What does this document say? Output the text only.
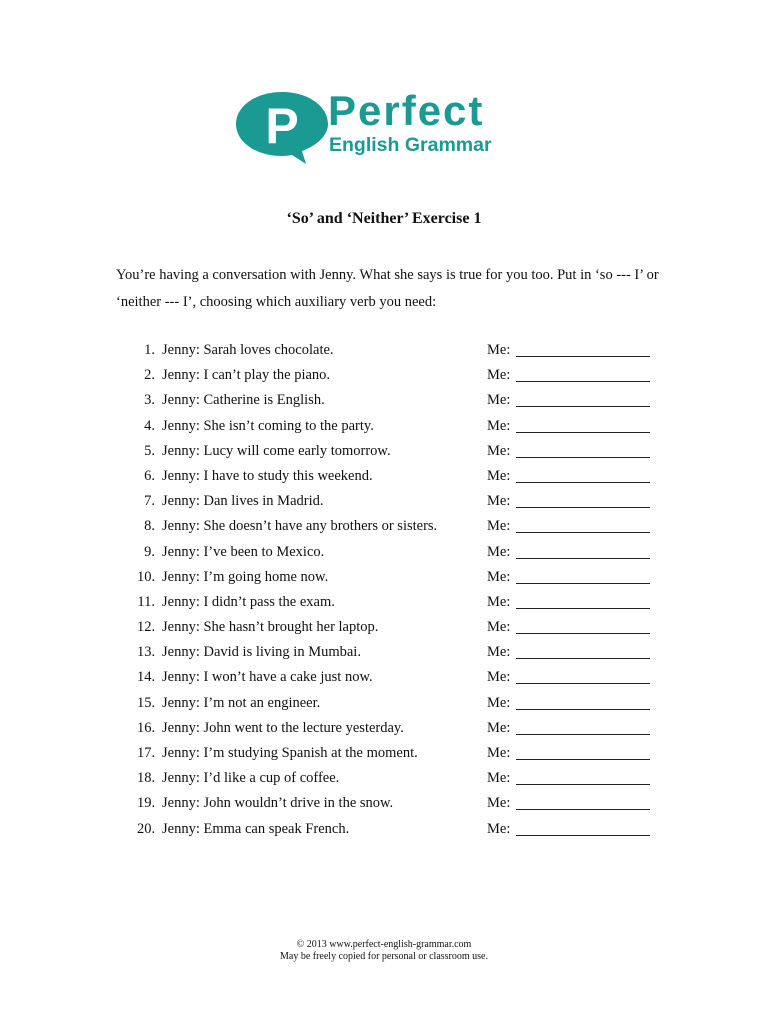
P Perfect
English Grammar
‘So’ and ‘Neither’ Exercise 1

You’re having a conversation with Jenny. What she says is true for you too. Put in ‘so --- I’ or ‘neither --- I’, choosing which auxiliary verb you need:

1. Jenny: Sarah loves chocolate.	Me:
2. Jenny: I can’t play the piano.	Me:
3. Jenny: Catherine is English.	Me:
4. Jenny: She isn’t coming to the party.	Me:
5. Jenny: Lucy will come early tomorrow.	Me:
6. Jenny: I have to study this weekend.	Me:
7. Jenny: Dan lives in Madrid.	Me:
8. Jenny: She doesn’t have any brothers or sisters.	Me:
9. Jenny: I’ve been to Mexico.	Me:
10. Jenny: I’m going home now.	Me:
11. Jenny: I didn’t pass the exam.	Me:
12. Jenny: She hasn’t brought her laptop.	Me:
13. Jenny: David is living in Mumbai.	Me:
14. Jenny: I won’t have a cake just now.	Me:
15. Jenny: I’m not an engineer.	Me:
16. Jenny: John went to the lecture yesterday.	Me:
17. Jenny: I’m studying Spanish at the moment.	Me:
18. Jenny: I’d like a cup of coffee.	Me:
19. Jenny: John wouldn’t drive in the snow.	Me:
20. Jenny: Emma can speak French.	Me:
© 2013 www.perfect-english-grammar.com
May be freely copied for personal or classroom use.
